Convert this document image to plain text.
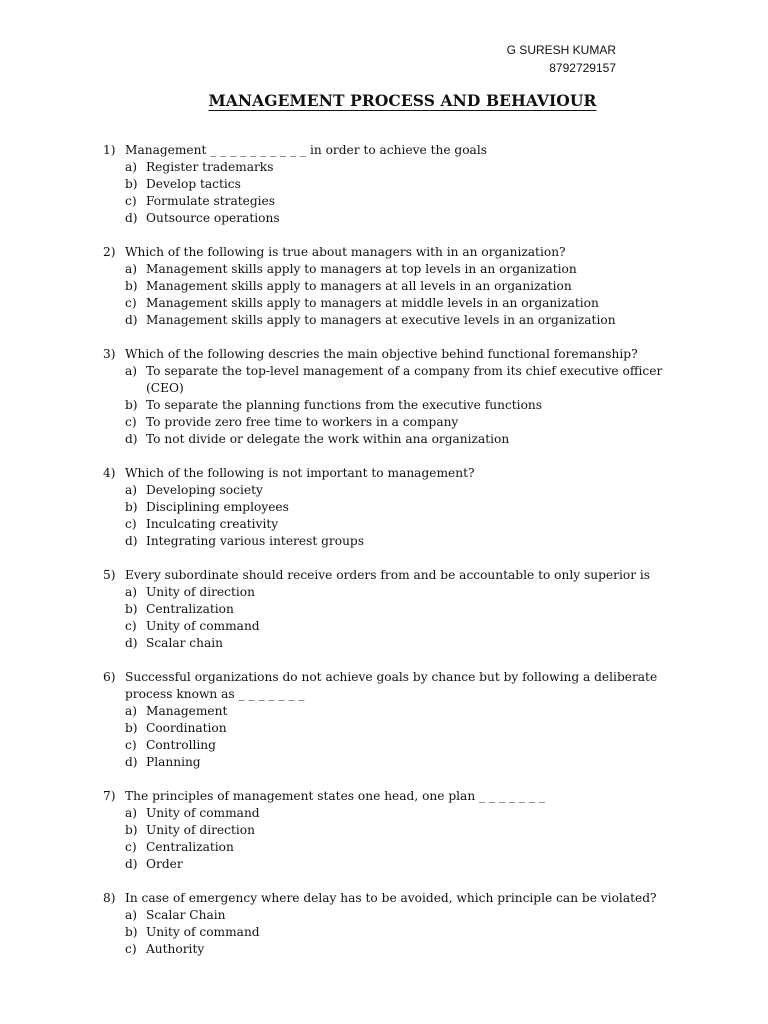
G SURESH KUMAR
8792729157
MANAGEMENT PROCESS AND BEHAVIOUR
1) Management _ _ _ _ _ _ _ _ _ _ in order to achieve the goals
a) Register trademarks
b) Develop tactics
c) Formulate strategies
d) Outsource operations
2) Which of the following is true about managers with in an organization?
a) Management skills apply to managers at top levels in an organization
b) Management skills apply to managers at all levels in an organization
c) Management skills apply to managers at middle levels in an organization
d) Management skills apply to managers at executive levels in an organization
3) Which of the following descries the main objective behind functional foremanship?
a) To separate the top-level management of a company from its chief executive officer (CEO)
b) To separate the planning functions from the executive functions
c) To provide zero free time to workers in a company
d) To not divide or delegate the work within ana organization
4) Which of the following is not important to management?
a) Developing society
b) Disciplining employees
c) Inculcating creativity
d) Integrating various interest groups
5) Every subordinate should receive orders from and be accountable to only superior is
a) Unity of direction
b) Centralization
c) Unity of command
d) Scalar chain
6) Successful organizations do not achieve goals by chance but by following a deliberate process known as _ _ _ _ _ _ _
a) Management
b) Coordination
c) Controlling
d) Planning
7) The principles of management states one head, one plan _ _ _ _ _ _ _
a) Unity of command
b) Unity of direction
c) Centralization
d) Order
8) In case of emergency where delay has to be avoided, which principle can be violated?
a) Scalar Chain
b) Unity of command
c) Authority
